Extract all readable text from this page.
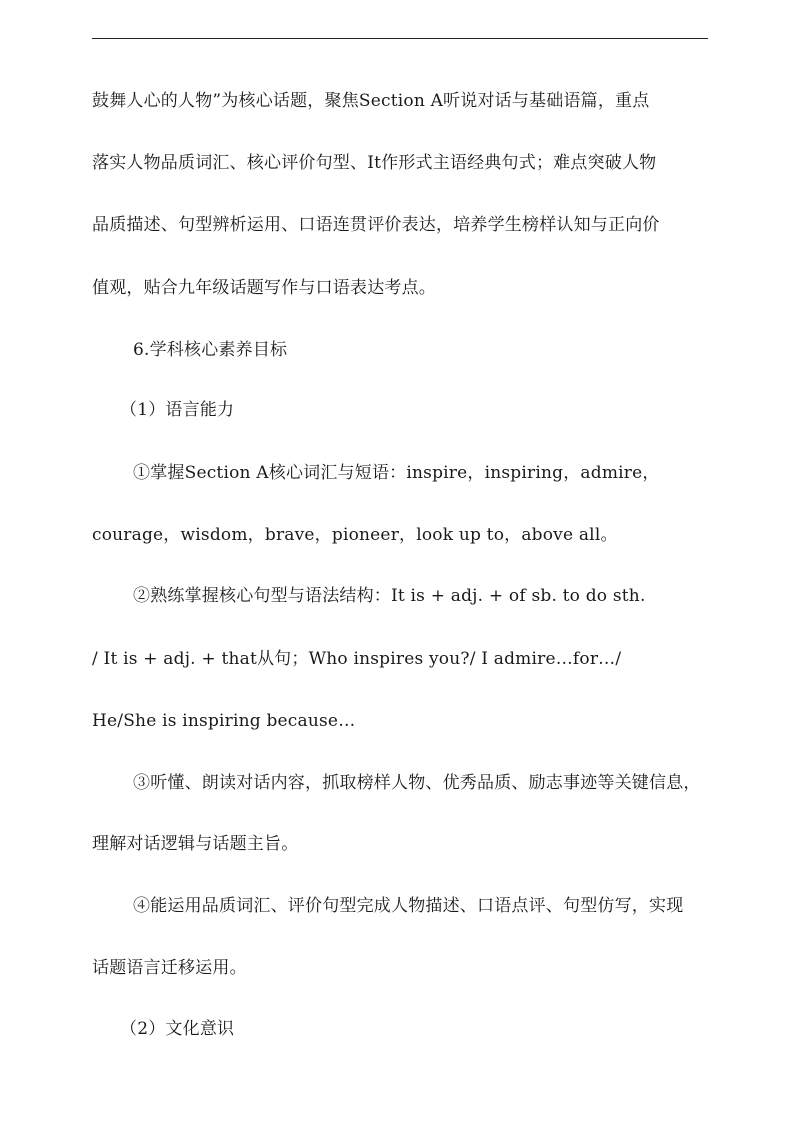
鼓舞人心的人物”为核心话题，聚焦Section A听说对话与基础语篇，重点
落实人物品质词汇、核心评价句型、It作形式主语经典句式；难点突破人物
品质描述、句型辨析运用、口语连贯评价表达，培养学生榜样认知与正向价
值观，贴合九年级话题写作与口语表达考点。
6.学科核心素养目标
（1）语言能力
①掌握Section A核心词汇与短语：inspire，inspiring，admire，
courage，wisdom，brave，pioneer，look up to，above all。
②熟练掌握核心句型与语法结构：It is + adj. + of sb. to do sth.
/ It is + adj. + that从句；Who inspires you?/ I admire…for…/
He/She is inspiring because…
③听懂、朗读对话内容，抓取榜样人物、优秀品质、励志事迹等关键信息，
理解对话逻辑与话题主旨。
④能运用品质词汇、评价句型完成人物描述、口语点评、句型仿写，实现
话题语言迁移运用。
（2）文化意识
